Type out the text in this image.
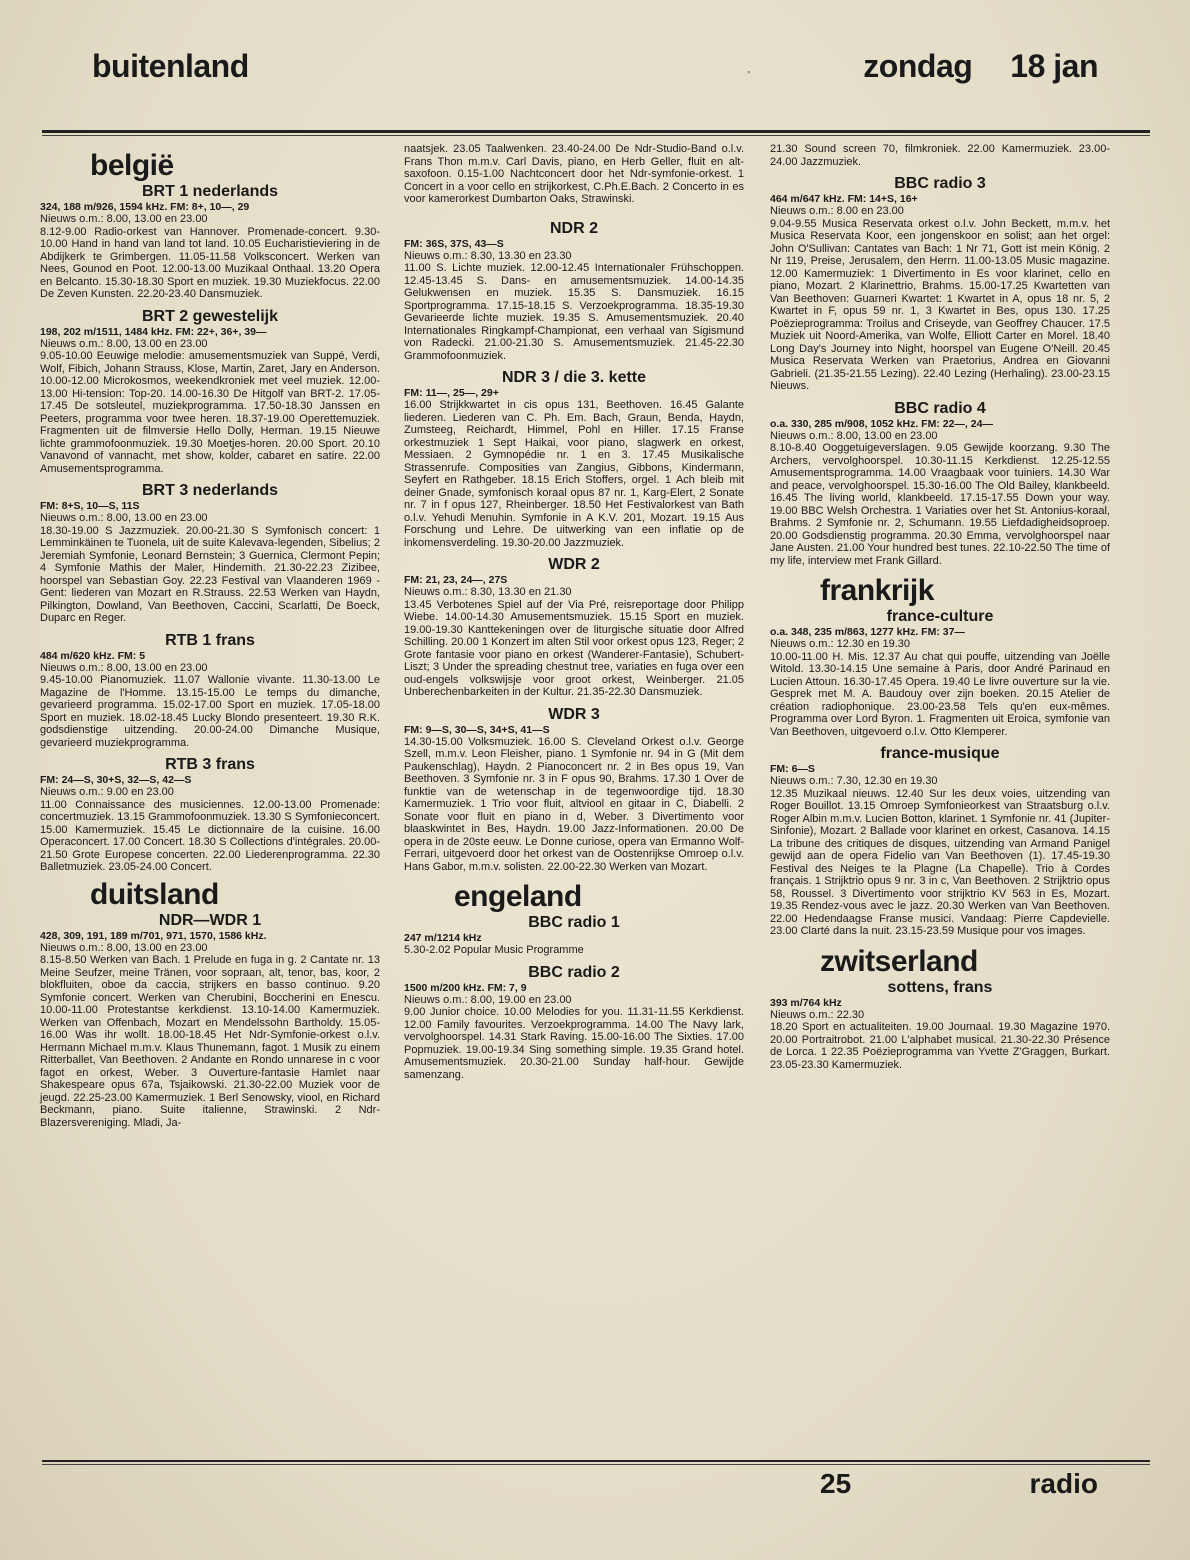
buitenland	'	zondag 18 jan
belgië
BRT 1 nederlands

324, 188 m/926, 1594 kHz. FM: 8+, 10—, 29

Nieuws o.m.: 8.00, 13.00 en 23.00

8.12-9.00 Radio-orkest van Hannover. Promenade-concert. 9.30-10.00 Hand in hand van land tot land. 10.05 Eucharistieviering in de Abdijkerk te Grimbergen. 11.05-11.58 Volksconcert. Werken van Nees, Gounod en Poot. 12.00-13.00 Muzikaal Onthaal. 13.20 Opera en Belcanto. 15.30-18.30 Sport en muziek. 19.30 Muziekfocus. 22.00 De Zeven Kunsten. 22.20-23.40 Dansmuziek.

BRT 2 gewestelijk

198, 202 m/1511, 1484 kHz. FM: 22+, 36+, 39—

Nieuws o.m.: 8.00, 13.00 en 23.00

9.05-10.00 Eeuwige melodie: amusementsmuziek van Suppé, Verdi, Wolf, Fibich, Johann Strauss, Klose, Martin, Zaret, Jary en Anderson. 10.00-12.00 Microkosmos, weekendkroniek met veel muziek. 12.00-13.00 Hi-tension: Top-20. 14.00-16.30 De Hitgolf van BRT-2. 17.05-17.45 De sotsleutel, muziekprogramma. 17.50-18.30 Janssen en Peeters, programma voor twee heren. 18.37-19.00 Operettemuziek. Fragmenten uit de filmversie Hello Dolly, Herman. 19.15 Nieuwe lichte grammofoonmuziek. 19.30 Moetjes-horen. 20.00 Sport. 20.10 Vanavond of vannacht, met show, kolder, cabaret en satire. 22.00 Amusementsprogramma.

BRT 3 nederlands

FM: 8+S, 10—S, 11S

Nieuws o.m.: 8.00, 13.00 en 23.00

18.30-19.00 S Jazzmuziek. 20.00-21.30 S Symfonisch concert: 1 Lemminkäinen te Tuonela, uit de suite Kalevava-legenden, Sibelius; 2 Jeremiah Symfonie, Leonard Bernstein; 3 Guernica, Clermont Pepin; 4 Symfonie Mathis der Maler, Hindemith. 21.30-22.23 Zizibee, hoorspel van Sebastian Goy. 22.23 Festival van Vlaanderen 1969 - Gent: liederen van Mozart en R.Strauss. 22.53 Werken van Haydn, Pilkington, Dowland, Van Beethoven, Caccini, Scarlatti, De Boeck, Duparc en Reger.

RTB 1 frans

484 m/620 kHz. FM: 5

Nieuws o.m.: 8.00, 13.00 en 23.00

9.45-10.00 Pianomuziek. 11.07 Wallonie vivante. 11.30-13.00 Le Magazine de l'Homme. 13.15-15.00 Le temps du dimanche, gevarieerd programma. 15.02-17.00 Sport en muziek. 17.05-18.00 Sport en muziek. 18.02-18.45 Lucky Blondo presenteert. 19.30 R.K. godsdienstige uitzending. 20.00-24.00 Dimanche Musique, gevarieerd muziekprogramma.

RTB 3 frans

FM: 24—S, 30+S, 32—S, 42—S

Nieuws o.m.: 9.00 en 23.00

11.00 Connaissance des musiciennes. 12.00-13.00 Promenade: concertmuziek. 13.15 Grammofoonmuziek. 13.30 S Symfonieconcert. 15.00 Kamermuziek. 15.45 Le dictionnaire de la cuisine. 16.00 Operaconcert. 17.00 Concert. 18.30 S Collections d'intégrales. 20.00-21.50 Grote Europese concerten. 22.00 Liederenprogramma. 22.30 Balletmuziek. 23.05-24.00 Concert.

duitsland
NDR—WDR 1

428, 309, 191, 189 m/701, 971, 1570, 1586 kHz.

Nieuws o.m.: 8.00, 13.00 en 23.00

8.15-8.50 Werken van Bach. 1 Prelude en fuga in g. 2 Cantate nr. 13 Meine Seufzer, meine Tränen, voor sopraan, alt, tenor, bas, koor, 2 blokfluiten, oboe da caccia, strijkers en basso continuo. 9.20 Symfonie concert. Werken van Cherubini, Boccherini en Enescu. 10.00-11.00 Protestantse kerkdienst. 13.10-14.00 Kamermuziek. Werken van Offenbach, Mozart en Mendelssohn Bartholdy. 15.05-16.00 Was ihr wollt. 18.00-18.45 Het Ndr-Symfonie-orkest o.l.v. Hermann Michael m.m.v. Klaus Thunemann, fagot. 1 Musik zu einem Ritterballet, Van Beethoven. 2 Andante en Rondo unnarese in c voor fagot en orkest, Weber. 3 Ouverture-fantasie Hamlet naar Shakespeare opus 67a, Tsjaikowski. 21.30-22.00 Muziek voor de jeugd. 22.25-23.00 Kamermuziek. 1 Berl Senowsky, viool, en Richard Beckmann, piano. Suite italienne, Strawinski. 2 Ndr-Blazersvereniging. Mladi, Ja-

naatsjek. 23.05 Taalwenken. 23.40-24.00 De Ndr-Studio-Band o.l.v. Frans Thon m.m.v. Carl Davis, piano, en Herb Geller, fluit en alt-saxofoon. 0.15-1.00 Nachtconcert door het Ndr-symfonie-orkest. 1 Concert in a voor cello en strijkorkest, C.Ph.E.Bach. 2 Concerto in es voor kamerorkest Dumbarton Oaks, Strawinski.

NDR 2

FM: 36S, 37S, 43—S

Nieuws o.m.: 8.30, 13.30 en 23.30

11.00 S. Lichte muziek. 12.00-12.45 Internationaler Frühschoppen. 12.45-13.45 S. Dans- en amusementsmuziek. 14.00-14.35 Gelukwensen en muziek. 15.35 S. Dansmuziek. 16.15 Sportprogramma. 17.15-18.15 S. Verzoekprogramma. 18.35-19.30 Gevarieerde lichte muziek. 19.35 S. Amusementsmuziek. 20.40 Internationales Ringkampf-Championat, een verhaal van Sigismund von Radecki. 21.00-21.30 S. Amusementsmuziek. 21.45-22.30 Grammofoonmuziek.

NDR 3 / die 3. kette

FM: 11—, 25—, 29+

16.00 Strijkkwartet in cis opus 131, Beethoven. 16.45 Galante liederen. Liederen van C. Ph. Em. Bach, Graun, Benda, Haydn, Zumsteeg, Reichardt, Himmel, Pohl en Hiller. 17.15 Franse orkestmuziek 1 Sept Haikai, voor piano, slagwerk en orkest, Messiaen. 2 Gymnopédie nr. 1 en 3. 17.45 Musikalische Strassenrufe. Composities van Zangius, Gibbons, Kindermann, Seyfert en Rathgeber. 18.15 Erich Stoffers, orgel. 1 Ach bleib mit deiner Gnade, symfonisch koraal opus 87 nr. 1, Karg-Elert, 2 Sonate nr. 7 in f opus 127, Rheinberger. 18.50 Het Festivalorkest van Bath o.l.v. Yehudi Menuhin. Symfonie in A K.V. 201, Mozart. 19.15 Aus Forschung und Lehre. De uitwerking van een inflatie op de inkomensverdeling. 19.30-20.00 Jazzmuziek.

WDR 2

FM: 21, 23, 24—, 27S

Nieuws o.m.: 8.30, 13.30 en 21.30

13.45 Verbotenes Spiel auf der Via Pré, reisreportage door Philipp Wiebe. 14.00-14.30 Amusementsmuziek. 15.15 Sport en muziek. 19.00-19.30 Kanttekeningen over de liturgische situatie door Alfred Schilling. 20.00 1 Konzert im alten Stil voor orkest opus 123, Reger; 2 Grote fantasie voor piano en orkest (Wanderer-Fantasie), Schubert-Liszt; 3 Under the spreading chestnut tree, variaties en fuga over een oud-engels volkswijsje voor groot orkest, Weinberger. 21.05 Unberechenbarkeiten in der Kultur. 21.35-22.30 Dansmuziek.

WDR 3

FM: 9—S, 30—S, 34+S, 41—S

14.30-15.00 Volksmuziek. 16.00 S. Cleveland Orkest o.l.v. George Szell, m.m.v. Leon Fleisher, piano. 1 Symfonie nr. 94 in G (Mit dem Paukenschlag), Haydn. 2 Pianoconcert nr. 2 in Bes opus 19, Van Beethoven. 3 Symfonie nr. 3 in F opus 90, Brahms. 17.30 1 Over de funktie van de wetenschap in de tegenwoordige tijd. 18.30 Kamermuziek. 1 Trio voor fluit, altviool en gitaar in C, Diabelli. 2 Sonate voor fluit en piano in d, Weber. 3 Divertimento voor blaaskwintet in Bes, Haydn. 19.00 Jazz-Informationen. 20.00 De opera in de 20ste eeuw. Le Donne curiose, opera van Ermanno Wolf-Ferrari, uitgevoerd door het orkest van de Oostenrijkse Omroep o.l.v. Hans Gabor, m.m.v. solisten. 22.00-22.30 Werken van Mozart.

engeland
BBC radio 1

247 m/1214 kHz

5.30-2.02 Popular Music Programme

BBC radio 2

1500 m/200 kHz. FM: 7, 9

Nieuws o.m.: 8.00, 19.00 en 23.00

9.00 Junior choice. 10.00 Melodies for you. 11.31-11.55 Kerkdienst. 12.00 Family favourites. Verzoekprogramma. 14.00 The Navy lark, vervolghoorspel. 14.31 Stark Raving. 15.00-16.00 The Sixties. 17.00 Popmuziek. 19.00-19.34 Sing something simple. 19.35 Grand hotel. Amusementsmuziek. 20.30-21.00 Sunday half-hour. Gewijde samenzang.

21.30 Sound screen 70, filmkroniek. 22.00 Kamermuziek. 23.00-24.00 Jazzmuziek.

BBC radio 3

464 m/647 kHz. FM: 14+S, 16+

Nieuws o.m.: 8.00 en 23.00

9.04-9.55 Musica Reservata orkest o.l.v. John Beckett, m.m.v. het Musica Reservata Koor, een jongenskoor en solist; aan het orgel: John O'Sullivan: Cantates van Bach: 1 Nr 71, Gott ist mein König. 2 Nr 119, Preise, Jerusalem, den Herrn. 11.00-13.05 Music magazine. 12.00 Kamermuziek: 1 Divertimento in Es voor klarinet, cello en piano, Mozart. 2 Klarinettrio, Brahms. 15.00-17.25 Kwartetten van Van Beethoven: Guarneri Kwartet: 1 Kwartet in A, opus 18 nr. 5, 2 Kwartet in F, opus 59 nr. 1, 3 Kwartet in Bes, opus 130. 17.25 Poëzieprogramma: Troilus and Criseyde, van Geoffrey Chaucer. 17.5 Muziek uit Noord-Amerika, van Wolfe, Elliott Carter en Morel. 18.40 Long Day's Journey into Night, hoorspel van Eugene O'Neill. 20.45 Musica Reservata Werken van Praetorius, Andrea en Giovanni Gabrieli. (21.35-21.55 Lezing). 22.40 Lezing (Herhaling). 23.00-23.15 Nieuws.

BBC radio 4

o.a. 330, 285 m/908, 1052 kHz. FM: 22—, 24—

Nieuws o.m.: 8.00, 13.00 en 23.00

8.10-8.40 Ooggetuigeverslagen. 9.05 Gewijde koorzang. 9.30 The Archers, vervolghoorspel. 10.30-11.15 Kerkdienst. 12.25-12.55 Amusementsprogramma. 14.00 Vraagbaak voor tuiniers. 14.30 War and peace, vervolghoorspel. 15.30-16.00 The Old Bailey, klankbeeld. 16.45 The living world, klankbeeld. 17.15-17.55 Down your way. 19.00 BBC Welsh Orchestra. 1 Variaties over het St. Antonius-koraal, Brahms. 2 Symfonie nr. 2, Schumann. 19.55 Liefdadigheidsoproep. 20.00 Godsdienstig programma. 20.30 Emma, vervolghoorspel naar Jane Austen. 21.00 Your hundred best tunes. 22.10-22.50 The time of my life, interview met Frank Gillard.

frankrijk
france-culture

o.a. 348, 235 m/863, 1277 kHz. FM: 37—

Nieuws o.m.: 12.30 en 19.30

10.00-11.00 H. Mis. 12.37 Au chat qui pouffe, uitzending van Joëlle Witold. 13.30-14.15 Une semaine à Paris, door André Parinaud en Lucien Attoun. 16.30-17.45 Opera. 19.40 Le livre ouverture sur la vie. Gesprek met M. A. Baudouy over zijn boeken. 20.15 Atelier de création radiophonique. 23.00-23.58 Tels qu'en eux-mêmes. Programma over Lord Byron. 1. Fragmenten uit Eroica, symfonie van Van Beethoven, uitgevoerd o.l.v. Otto Klemperer.

france-musique

FM: 6—S

Nieuws o.m.: 7.30, 12.30 en 19.30

12.35 Muzikaal nieuws. 12.40 Sur les deux voies, uitzending van Roger Bouillot. 13.15 Omroep Symfonieorkest van Straatsburg o.l.v. Roger Albin m.m.v. Lucien Botton, klarinet. 1 Symfonie nr. 41 (Jupiter-Sinfonie), Mozart. 2 Ballade voor klarinet en orkest, Casanova. 14.15 La tribune des critiques de disques, uitzending van Armand Panigel gewijd aan de opera Fidelio van Van Beethoven (1). 17.45-19.30 Festival des Neiges te la Plagne (La Chapelle). Trio à Cordes français. 1 Strijktrio opus 9 nr. 3 in c, Van Beethoven. 2 Strijktrio opus 58, Roussel. 3 Divertimento voor strijktrio KV 563 in Es, Mozart. 19.35 Rendez-vous avec le jazz. 20.30 Werken van Van Beethoven. 22.00 Hedendaagse Franse musici. Vandaag: Pierre Capdevielle. 23.00 Clarté dans la nuit. 23.15-23.59 Musique pour vos images.

zwitserland
sottens, frans

393 m/764 kHz

Nieuws o.m.: 22.30

18.20 Sport en actualiteiten. 19.00 Journaal. 19.30 Magazine 1970. 20.00 Portraitrobot. 21.00 L'alphabet musical. 21.30-22.30 Présence de Lorca. 1 22.35 Poëzieprogramma van Yvette Z'Graggen, Burkart. 23.05-23.30 Kamermuziek.

25	radio
